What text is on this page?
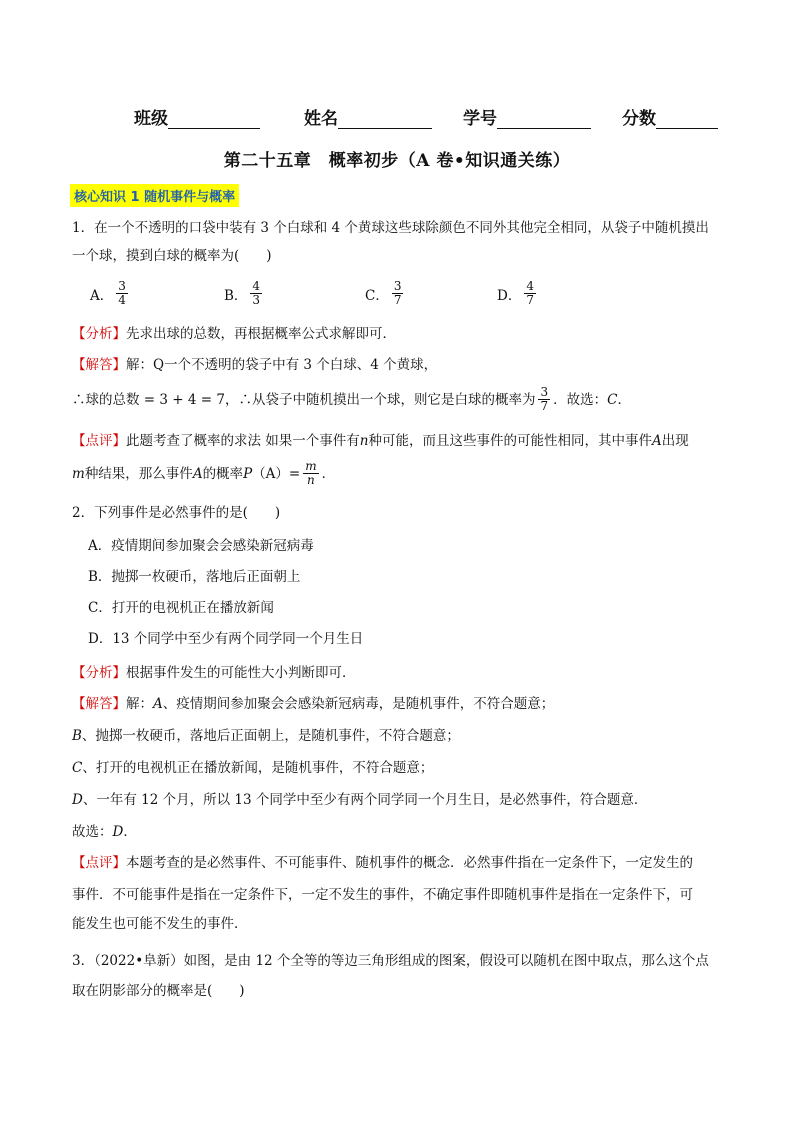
班级	姓名	学号	分数
第二十五章　概率初步（A 卷•知识通关练）
核心知识 1 随机事件与概率
1．在一个不透明的口袋中装有 3 个白球和 4 个黄球这些球除颜色不同外其他完全相同，从袋子中随机摸出
一个球，摸到白球的概率为(　　)
A． $\frac{3}{4}$	B． $\frac{4}{3}$	C． $\frac{3}{7}$	D． $\frac{4}{7}$
【分析】先求出球的总数，再根据概率公式求解即可．
【解答】解：Q一个不透明的袋子中有 3 个白球、4 个黄球，
∴球的总数 = 3 + 4 = 7，∴从袋子中随机摸出一个球，则它是白球的概率为 $\frac{3}{7}$ ．故选： C ．
【点评】此题考查了概率的求法 如果一个事件有n种可能，而且这些事件的可能性相同，其中事件A出现
m 种结果，那么事件 A 的概率 P $(A)= \frac{m}{n}$ ．
2．下列事件是必然事件的是(　　)
A．疫情期间参加聚会会感染新冠病毒
B．抛掷一枚硬币，落地后正面朝上
C．打开的电视机正在播放新闻
D．13 个同学中至少有两个同学同一个月生日
【分析】根据事件发生的可能性大小判断即可．
【解答】解：A、疫情期间参加聚会会感染新冠病毒，是随机事件，不符合题意；
B、抛掷一枚硬币，落地后正面朝上，是随机事件，不符合题意；
C、打开的电视机正在播放新闻，是随机事件，不符合题意；
D、一年有 12 个月，所以 13 个同学中至少有两个同学同一个月生日，是必然事件，符合题意．
故选：D．
【点评】本题考查的是必然事件、不可能事件、随机事件的概念．必然事件指在一定条件下，一定发生的
事件．不可能事件是指在一定条件下，一定不发生的事件，不确定事件即随机事件是指在一定条件下，可
能发生也可能不发生的事件．
3．（2022•阜新）如图，是由 12 个全等的等边三角形组成的图案，假设可以随机在图中取点，那么这个点
取在阴影部分的概率是(　　)
